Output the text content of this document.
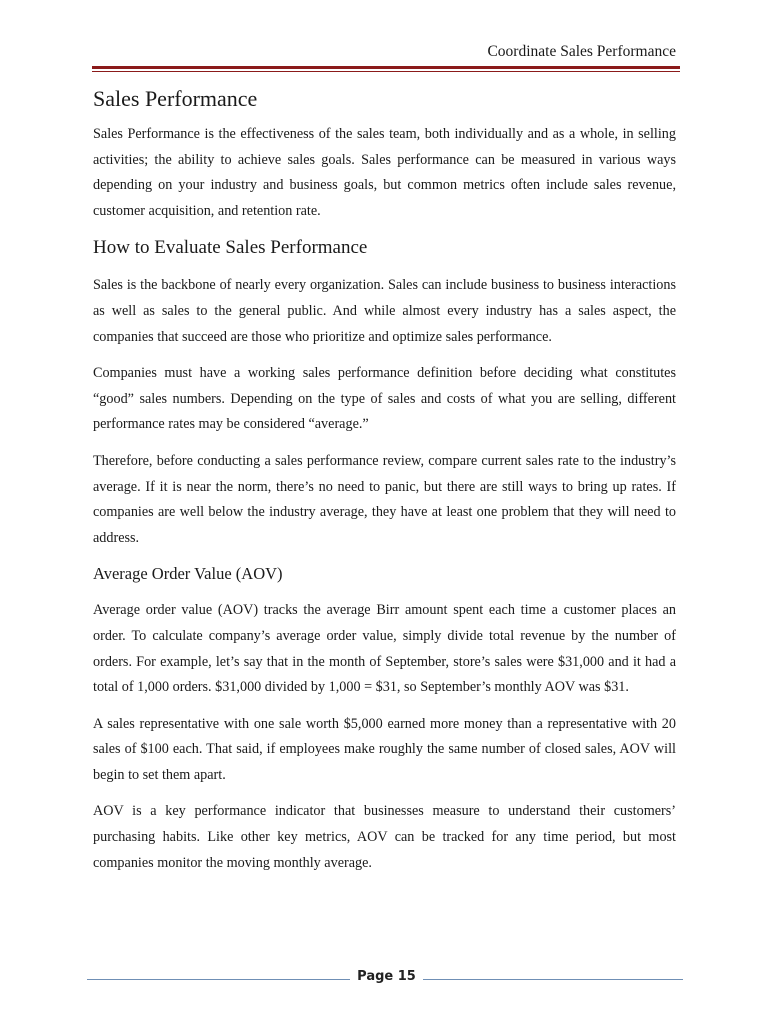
Coordinate Sales Performance
Sales Performance

Sales Performance is the effectiveness of the sales team, both individually and as a whole, in selling activities; the ability to achieve sales goals. Sales performance can be measured in various ways depending on your industry and business goals, but common metrics often include sales revenue, customer acquisition, and retention rate.

How to Evaluate Sales Performance

Sales is the backbone of nearly every organization. Sales can include business to business interactions as well as sales to the general public. And while almost every industry has a sales aspect, the companies that succeed are those who prioritize and optimize sales performance.

Companies must have a working sales performance definition before deciding what constitutes “good” sales numbers. Depending on the type of sales and costs of what you are selling, different performance rates may be considered “average.”

Therefore, before conducting a sales performance review, compare current sales rate to the industry’s average. If it is near the norm, there’s no need to panic, but there are still ways to bring up rates. If companies are well below the industry average, they have at least one problem that they will need to address.

Average Order Value (AOV)

Average order value (AOV) tracks the average Birr amount spent each time a customer places an order. To calculate company’s average order value, simply divide total revenue by the number of orders. For example, let’s say that in the month of September, store’s sales were $31,000 and it had a total of 1,000 orders. $31,000 divided by 1,000 = $31, so September’s monthly AOV was $31.

A sales representative with one sale worth $5,000 earned more money than a representative with 20 sales of $100 each. That said, if employees make roughly the same number of closed sales, AOV will begin to set them apart.

AOV is a key performance indicator that businesses measure to understand their customers’ purchasing habits. Like other key metrics, AOV can be tracked for any time period, but most companies monitor the moving monthly average.

Page 15
